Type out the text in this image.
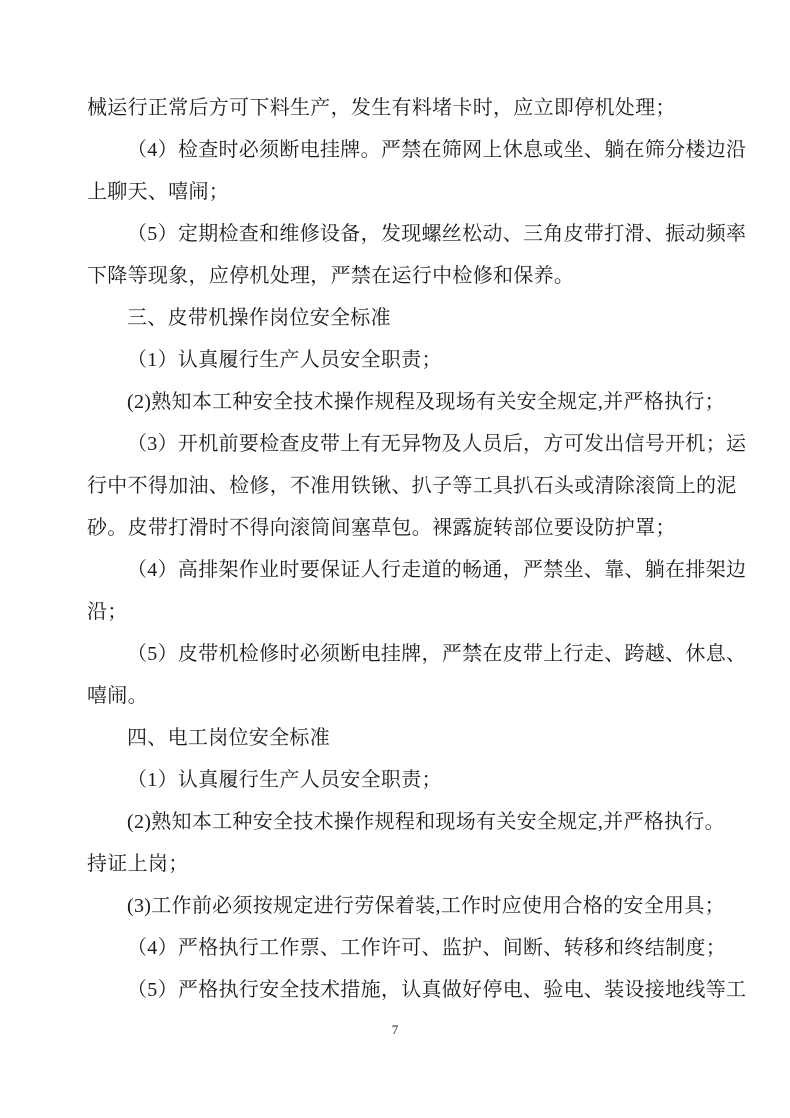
械运行正常后方可下料生产，发生有料堵卡时，应立即停机处理；
（4）检查时必须断电挂牌。严禁在筛网上休息或坐、躺在筛分楼边沿
上聊天、嘻闹；
（5）定期检查和维修设备，发现螺丝松动、三角皮带打滑、振动频率
下降等现象，应停机处理，严禁在运行中检修和保养。
三、皮带机操作岗位安全标准
（1）认真履行生产人员安全职责；
(2)熟知本工种安全技术操作规程及现场有关安全规定,并严格执行；
（3）开机前要检查皮带上有无异物及人员后，方可发出信号开机；运
行中不得加油、检修，不准用铁锹、扒子等工具扒石头或清除滚筒上的泥
砂。皮带打滑时不得向滚筒间塞草包。裸露旋转部位要设防护罩；
（4）高排架作业时要保证人行走道的畅通，严禁坐、靠、躺在排架边
沿；
（5）皮带机检修时必须断电挂牌，严禁在皮带上行走、跨越、休息、
嘻闹。
四、电工岗位安全标准
（1）认真履行生产人员安全职责；
(2)熟知本工种安全技术操作规程和现场有关安全规定,并严格执行。
持证上岗；
(3)工作前必须按规定进行劳保着装,工作时应使用合格的安全用具；
（4）严格执行工作票、工作许可、监护、间断、转移和终结制度；
（5）严格执行安全技术措施，认真做好停电、验电、装设接地线等工
7
